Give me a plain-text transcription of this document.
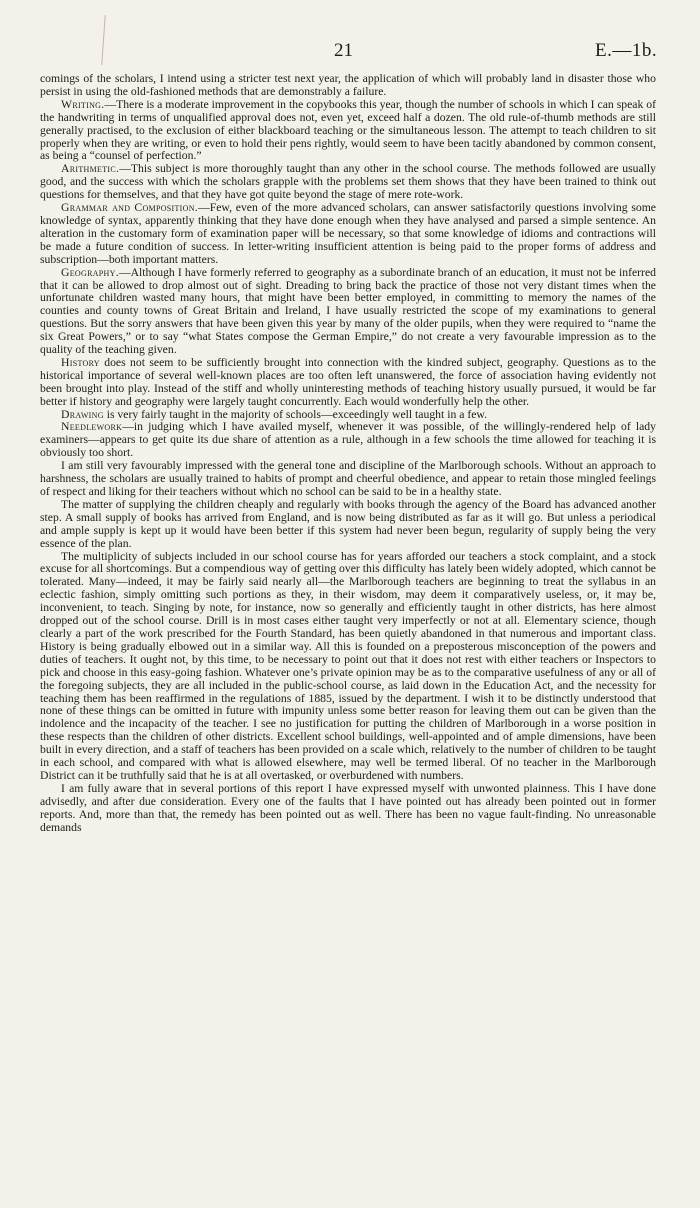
21	E.—1b.

comings of the scholars, I intend using a stricter test next year, the application of which will probably land in disaster those who persist in using the old-fashioned methods that are demonstrably a failure.

Writing.—There is a moderate improvement in the copybooks this year, though the number of schools in which I can speak of the handwriting in terms of unqualified approval does not, even yet, exceed half a dozen. The old rule-of-thumb methods are still generally practised, to the exclusion of either blackboard teaching or the simultaneous lesson. The attempt to teach children to sit properly when they are writing, or even to hold their pens rightly, would seem to have been tacitly abandoned by common consent, as being a “counsel of perfection.”

Arithmetic.—This subject is more thoroughly taught than any other in the school course. The methods followed are usually good, and the success with which the scholars grapple with the problems set them shows that they have been trained to think out questions for themselves, and that they have got quite beyond the stage of mere rote-work.

Grammar and Composition.—Few, even of the more advanced scholars, can answer satisfactorily questions involving some knowledge of syntax, apparently thinking that they have done enough when they have analysed and parsed a simple sentence. An alteration in the customary form of examination paper will be necessary, so that some knowledge of idioms and contractions will be made a future condition of success. In letter-writing insufficient attention is being paid to the proper forms of address and subscription—both important matters.

Geography.—Although I have formerly referred to geography as a subordinate branch of an education, it must not be inferred that it can be allowed to drop almost out of sight. Dreading to bring back the practice of those not very distant times when the unfortunate children wasted many hours, that might have been better employed, in committing to memory the names of the counties and county towns of Great Britain and Ireland, I have usually restricted the scope of my examinations to general questions. But the sorry answers that have been given this year by many of the older pupils, when they were required to “name the six Great Powers,” or to say “what States compose the German Empire,” do not create a very favourable impression as to the quality of the teaching given.

History does not seem to be sufficiently brought into connection with the kindred subject, geography. Questions as to the historical importance of several well-known places are too often left unanswered, the force of association having evidently not been brought into play. Instead of the stiff and wholly uninteresting methods of teaching history usually pursued, it would be far better if history and geography were largely taught concurrently. Each would wonderfully help the other.

Drawing is very fairly taught in the majority of schools—exceedingly well taught in a few.

Needlework—in judging which I have availed myself, whenever it was possible, of the willingly-rendered help of lady examiners—appears to get quite its due share of attention as a rule, although in a few schools the time allowed for teaching it is obviously too short.

I am still very favourably impressed with the general tone and discipline of the Marlborough schools. Without an approach to harshness, the scholars are usually trained to habits of prompt and cheerful obedience, and appear to retain those mingled feelings of respect and liking for their teachers without which no school can be said to be in a healthy state.

The matter of supplying the children cheaply and regularly with books through the agency of the Board has advanced another step. A small supply of books has arrived from England, and is now being distributed as far as it will go. But unless a periodical and ample supply is kept up it would have been better if this system had never been begun, regularity of supply being the very essence of the plan.

The multiplicity of subjects included in our school course has for years afforded our teachers a stock complaint, and a stock excuse for all shortcomings. But a compendious way of getting over this difficulty has lately been widely adopted, which cannot be tolerated. Many—indeed, it may be fairly said nearly all—the Marlborough teachers are beginning to treat the syllabus in an eclectic fashion, simply omitting such portions as they, in their wisdom, may deem it comparatively useless, or, it may be, inconvenient, to teach. Singing by note, for instance, now so generally and efficiently taught in other districts, has here almost dropped out of the school course. Drill is in most cases either taught very imperfectly or not at all. Elementary science, though clearly a part of the work prescribed for the Fourth Standard, has been quietly abandoned in that numerous and important class. History is being gradually elbowed out in a similar way. All this is founded on a preposterous misconception of the powers and duties of teachers. It ought not, by this time, to be necessary to point out that it does not rest with either teachers or Inspectors to pick and choose in this easy-going fashion. Whatever one’s private opinion may be as to the comparative usefulness of any or all of the foregoing subjects, they are all included in the public-school course, as laid down in the Education Act, and the necessity for teaching them has been reaffirmed in the regulations of 1885, issued by the department. I wish it to be distinctly understood that none of these things can be omitted in future with impunity unless some better reason for leaving them out can be given than the indolence and the incapacity of the teacher. I see no justification for putting the children of Marlborough in a worse position in these respects than the children of other districts. Excellent school buildings, well-appointed and of ample dimensions, have been built in every direction, and a staff of teachers has been provided on a scale which, relatively to the number of children to be taught in each school, and compared with what is allowed elsewhere, may well be termed liberal. Of no teacher in the Marlborough District can it be truthfully said that he is at all overtasked, or overburdened with numbers.

I am fully aware that in several portions of this report I have expressed myself with unwonted plainness. This I have done advisedly, and after due consideration. Every one of the faults that I have pointed out has already been pointed out in former reports. And, more than that, the remedy has been pointed out as well. There has been no vague fault-finding. No unreasonable demands
